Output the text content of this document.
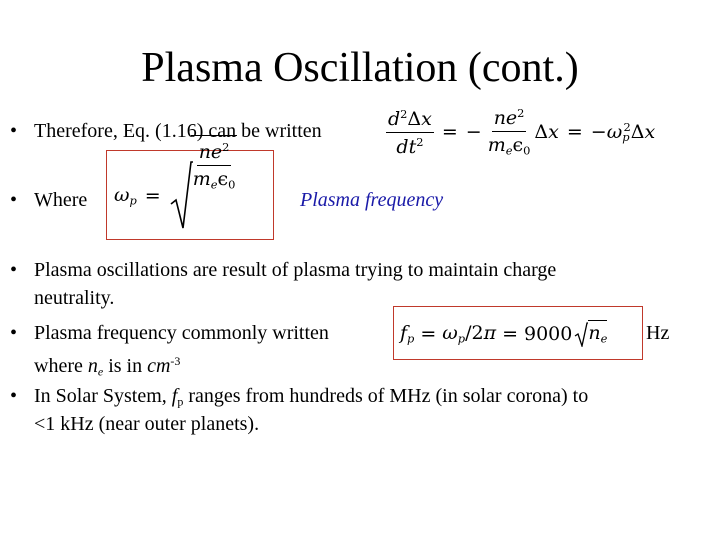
Plasma Oscillation (cont.)
• Therefore, Eq. (1.16) can be written	$\frac{d^2\Delta x}{dt^2}$ = − $\frac{ne^2}{m_e\epsilon_0}$ $\Delta x = -\omega_p^2\Delta x$
• Where $\omega_p$ =
$\frac{ne^2}{m_e\epsilon_0}$
Plasma frequency
• Plasma oscillations are result of plasma trying to maintain charge
neutrality.
• Plasma frequency commonly written	$f_p = \omega_p/2\pi = 9000$ $n_e$ Hz
where $n_e$ is in $cm^{-3}$
• In Solar System, $f_p$ ranges from hundreds of MHz (in solar corona) to
<1 kHz (near outer planets).
